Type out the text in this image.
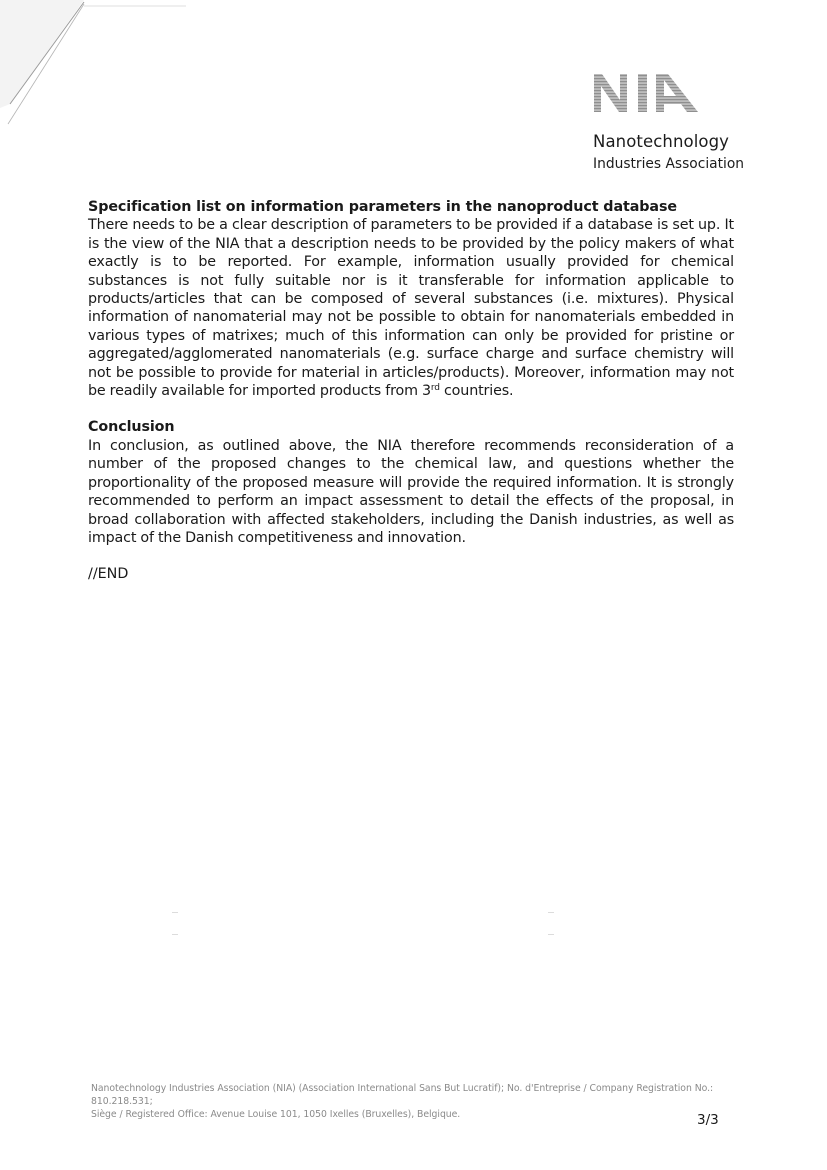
Nanotechnology
Industries Association

Specification list on information parameters in the nanoproduct database

There needs to be a clear description of parameters to be provided if a database is set up. It is the view of the NIA that a description needs to be provided by the policy makers of what exactly is to be reported. For example, information usually provided for chemical substances is not fully suitable nor is it transferable for information applicable to products/articles that can be composed of several substances (i.e. mixtures). Physical information of nanomaterial may not be possible to obtain for nanomaterials embedded in various types of matrixes; much of this information can only be provided for pristine or aggregated/agglomerated nanomaterials (e.g. surface charge and surface chemistry will not be possible to provide for material in articles/products). Moreover, information may not be readily available for imported products from 3rd countries.

Conclusion

In conclusion, as outlined above, the NIA therefore recommends reconsideration of a number of the proposed changes to the chemical law, and questions whether the proportionality of the proposed measure will provide the required information. It is strongly recommended to perform an impact assessment to detail the effects of the proposal, in broad collaboration with affected stakeholders, including the Danish industries, as well as impact of the Danish competitiveness and innovation.

//END
Nanotechnology Industries Association (NIA) (Association International Sans But Lucratif); No. d'Entreprise / Company Registration No.: 810.218.531;
Siège / Registered Office: Avenue Louise 101, 1050 Ixelles (Bruxelles), Belgique.	3/3
